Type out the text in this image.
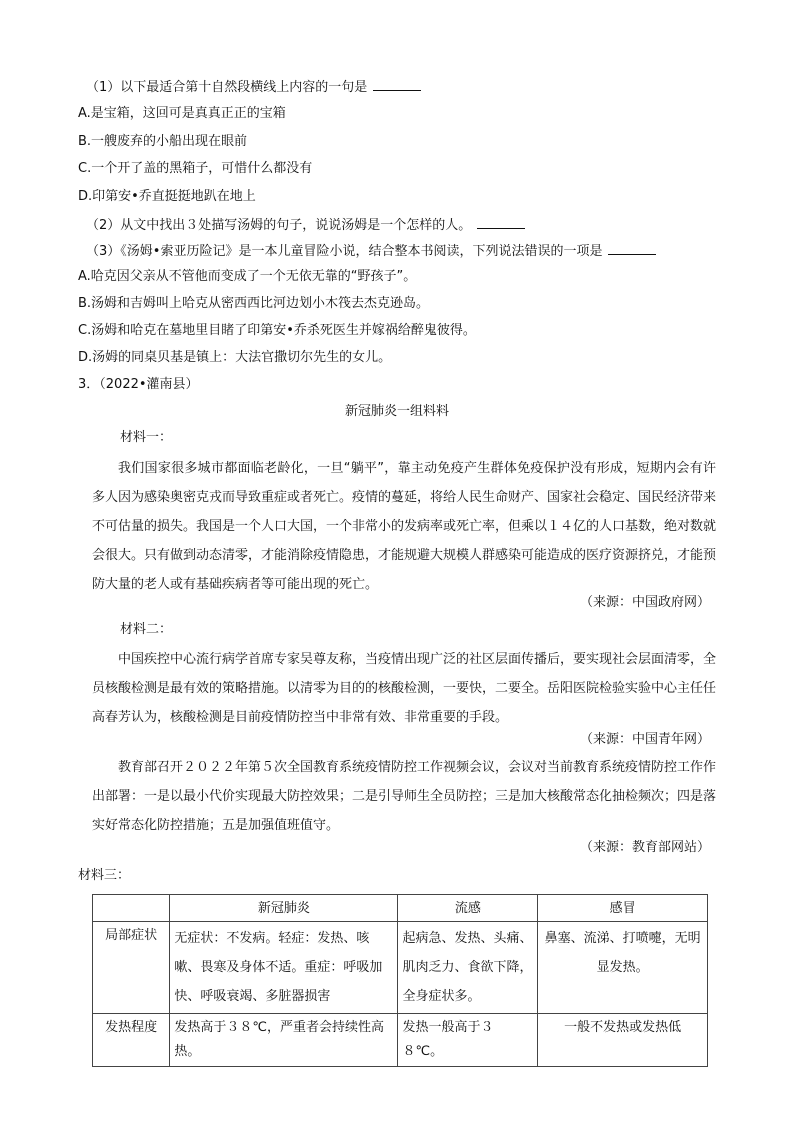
（1）以下最适合第十自然段横线上内容的一句是
A.是宝箱，这回可是真真正正的宝箱
B.一艘废弃的小船出现在眼前
C.一个开了盖的黑箱子，可惜什么都没有
D.印第安•乔直挺挺地趴在地上
（2）从文中找出３处描写汤姆的句子，说说汤姆是一个怎样的人。
（3）《汤姆•索亚历险记》是一本儿童冒险小说，结合整本书阅读，下列说法错误的一项是
A.哈克因父亲从不管他而变成了一个无依无靠的“野孩子”。
B.汤姆和吉姆叫上哈克从密西西比河边划小木筏去杰克逊岛。
C.汤姆和哈克在墓地里目睹了印第安•乔杀死医生并嫁祸给醉鬼彼得。
D.汤姆的同桌贝基是镇上：大法官撒切尔先生的女儿。
3．（2022•灌南县）
新冠肺炎一组料料
材料一：
我们国家很多城市都面临老龄化，一旦“躺平”，靠主动免疫产生群体免疫保护没有形成，短期内会有许多人因为感染奥密克戎而导致重症或者死亡。疫情的蔓延，将给人民生命财产、国家社会稳定、国民经济带来不可估量的损失。我国是一个人口大国，一个非常小的发病率或死亡率，但乘以１４亿的人口基数，绝对数就会很大。只有做到动态清零，才能消除疫情隐患，才能规避大规模人群感染可能造成的医疗资源挤兑，才能预防大量的老人或有基础疾病者等可能出现的死亡。
（来源：中国政府网）
材料二：
中国疾控中心流行病学首席专家吴尊友称，当疫情出现广泛的社区层面传播后，要实现社会层面清零，全员核酸检测是最有效的策略措施。以清零为目的的核酸检测，一要快，二要全。岳阳医院检验实验中心主任任高春芳认为，核酸检测是目前疫情防控当中非常有效、非常重要的手段。
（来源：中国青年网）
教育部召开２０２２年第５次全国教育系统疫情防控工作视频会议，会议对当前教育系统疫情防控工作作出部署：一是以最小代价实现最大防控效果；二是引导师生全员防控；三是加大核酸常态化抽检频次；四是落实好常态化防控措施；五是加强值班值守。
（来源：教育部网站）
材料三：
	新冠肺炎	流感	感冒
局部症状	无症状：不发病。轻症：发热、咳嗽、畏寒及身体不适。重症：呼吸加快、呼吸衰竭、多脏器损害	起病急、发热、头痛、肌肉乏力、食欲下降，全身症状多。	鼻塞、流涕、打喷嚏，无明显发热。
发热程度	发热高于３８℃，严重者会持续性高热。	发热一般高于３８℃。	一般不发热或发热低
